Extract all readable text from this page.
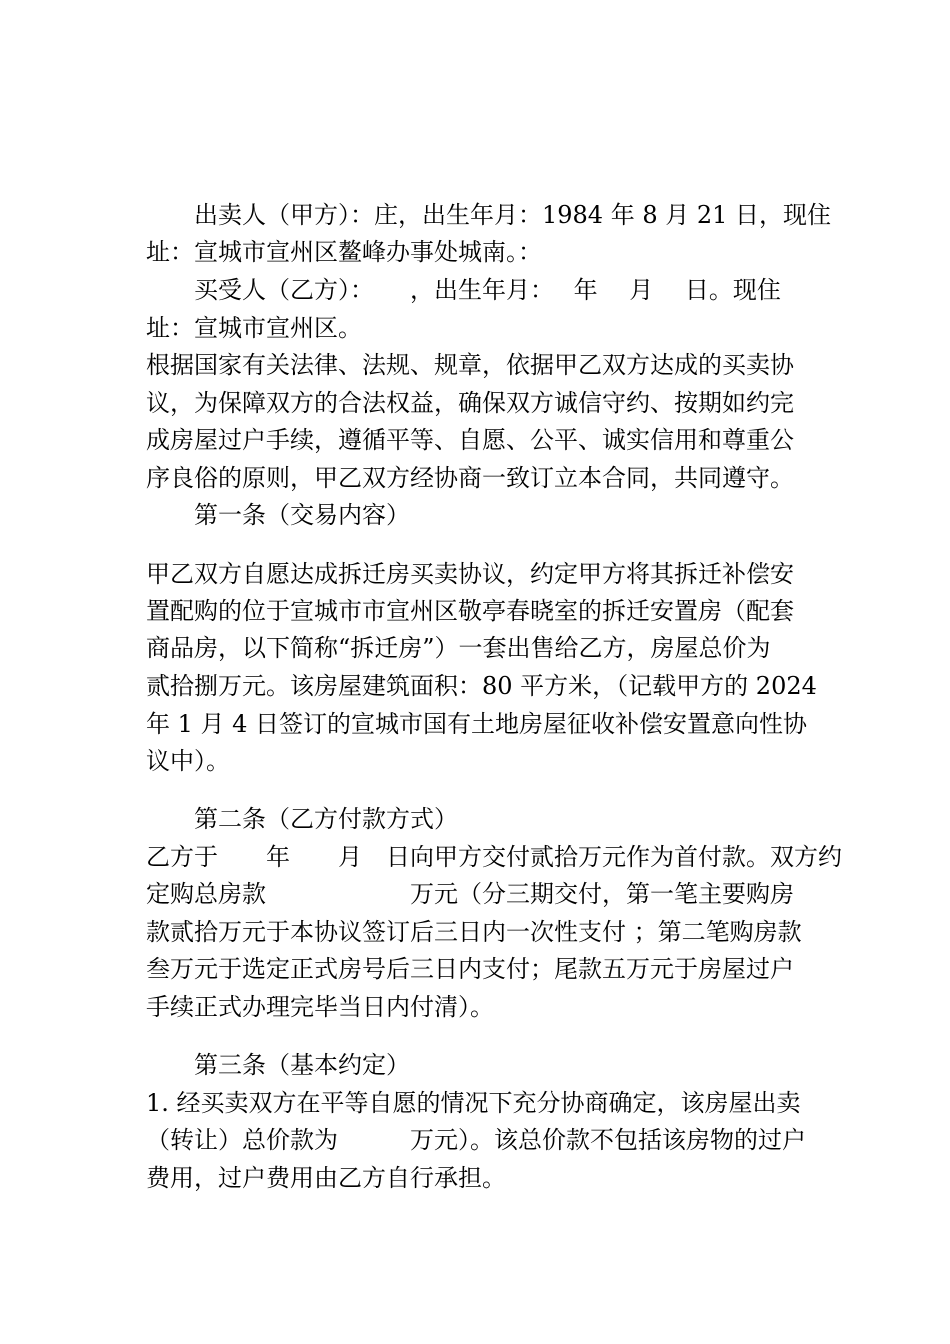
出卖人（甲方）：庄，出生年月：1984 年 8 月 21 日，现住
址：宣城市宣州区鳌峰办事处城南。：
买受人（乙方）：　　，出生年月：　 年　 月　 日。现住
址：宣城市宣州区。
根据国家有关法律、法规、规章，依据甲乙双方达成的买卖协
议，为保障双方的合法权益，确保双方诚信守约、按期如约完
成房屋过户手续，遵循平等、自愿、公平、诚实信用和尊重公
序良俗的原则，甲乙双方经协商一致订立本合同，共同遵守。
第一条（交易内容）
甲乙双方自愿达成拆迁房买卖协议，约定甲方将其拆迁补偿安
置配购的位于宣城市市宣州区敬亭春晓室的拆迁安置房（配套
商品房，以下简称“拆迁房”）一套出售给乙方，房屋总价为
贰拾捌万元。该房屋建筑面积：80 平方米，（记载甲方的 2024
年 1 月 4 日签订的宣城市国有土地房屋征收补偿安置意向性协
议中）。
第二条（乙方付款方式）
乙方于　　年　　月　日向甲方交付贰拾万元作为首付款。双方约
定购总房款　　　　　　万元（分三期交付，第一笔主要购房
款贰拾万元于本协议签订后三日内一次性支付 ；第二笔购房款
叁万元于选定正式房号后三日内支付；尾款五万元于房屋过户
手续正式办理完毕当日内付清）。
第三条（基本约定）
1. 经买卖双方在平等自愿的情况下充分协商确定，该房屋出卖
（转让）总价款为　　　万元）。该总价款不包括该房物的过户
费用，过户费用由乙方自行承担。
